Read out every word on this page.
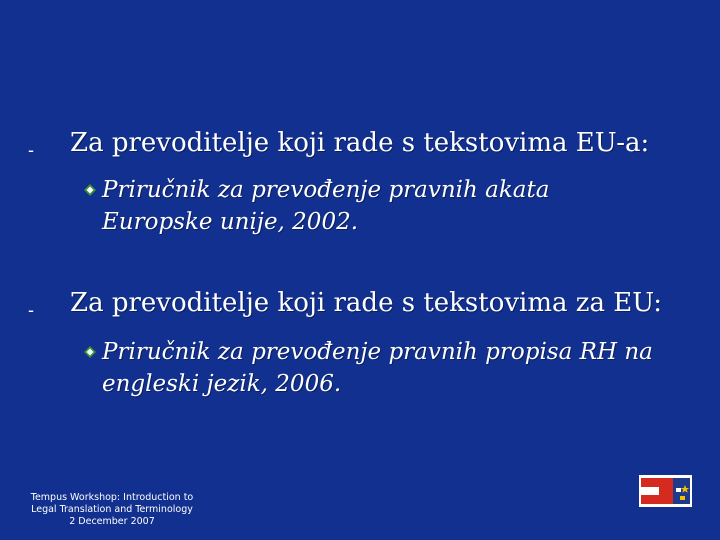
- Za prevoditelje koji rade s tekstovima EU-a:
Priručnik za prevođenje pravnih akata Europske unije, 2002.
- Za prevoditelje koji rade s tekstovima za EU:
Priručnik za prevođenje pravnih propisa RH na engleski jezik, 2006.
Tempus Workshop: Introduction to
Legal Translation and Terminology
2 December 2007
